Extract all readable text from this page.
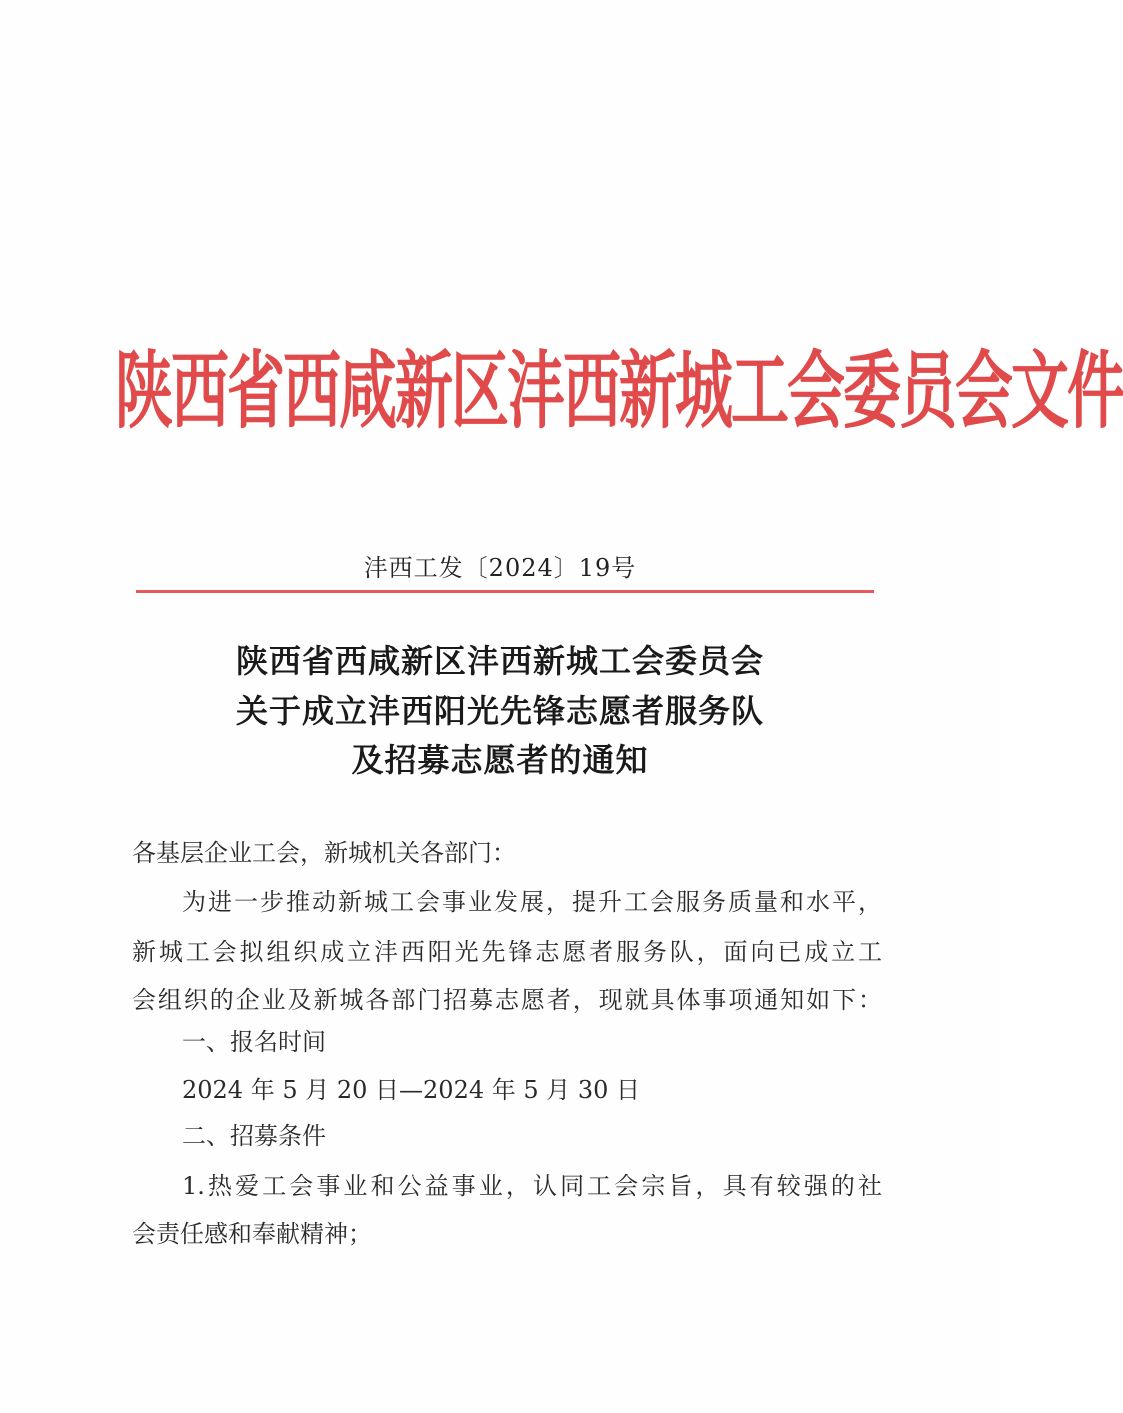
陕西省西咸新区沣西新城工会委员会文件
沣西工发〔2024〕19号
陕西省西咸新区沣西新城工会委员会
关于成立沣西阳光先锋志愿者服务队
及招募志愿者的通知
各基层企业工会，新城机关各部门：
为进一步推动新城工会事业发展，提升工会服务质量和水平，
新城工会拟组织成立沣西阳光先锋志愿者服务队，面向已成立工
会组织的企业及新城各部门招募志愿者，现就具体事项通知如下：
一、报名时间
2024 年 5 月 20 日—2024 年 5 月 30 日
二、招募条件
1.热爱工会事业和公益事业，认同工会宗旨，具有较强的社
会责任感和奉献精神；
